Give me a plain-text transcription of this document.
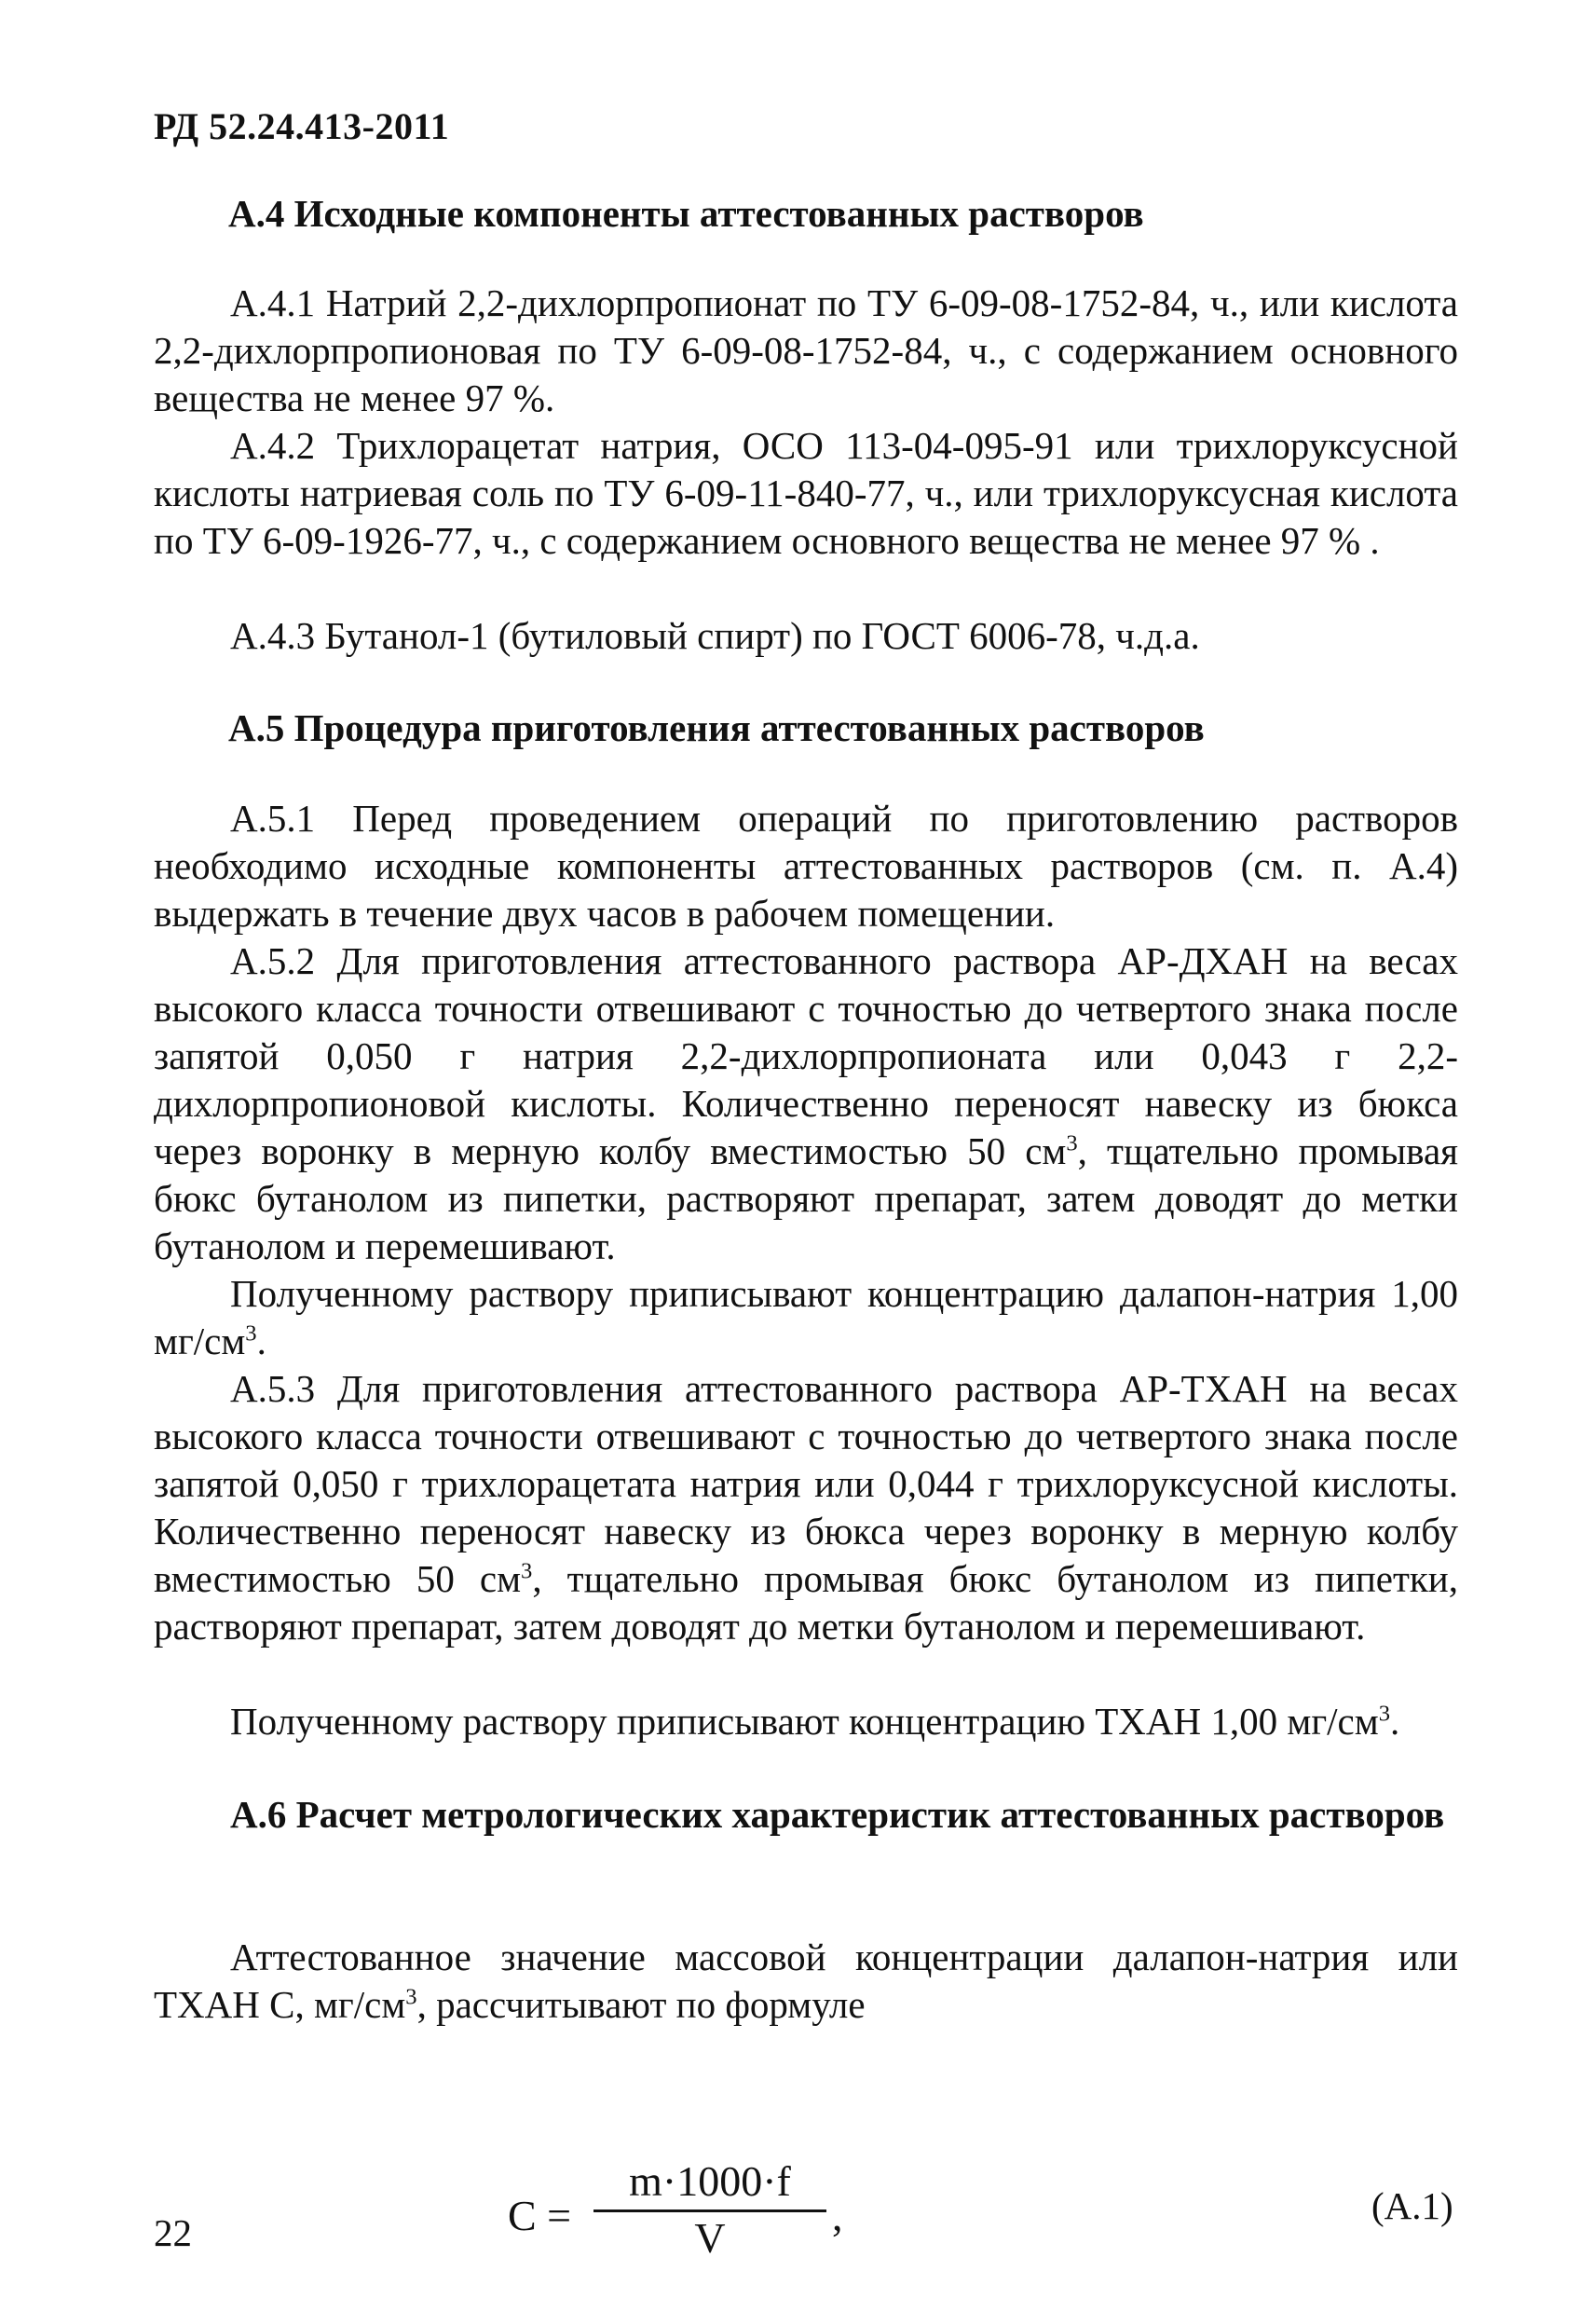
РД 52.24.413-2011
А.4 Исходные компоненты аттестованных растворов
А.4.1 Натрий 2,2-дихлорпропионат по ТУ 6-09-08-1752-84, ч., или кислота 2,2-дихлорпропионовая по ТУ 6-09-08-1752-84, ч., с содержанием основного вещества не менее 97 %.
А.4.2 Трихлорацетат натрия, ОСО 113-04-095-91 или трихлоруксусной кислоты натриевая соль по ТУ 6-09-11-840-77, ч., или трихлоруксусная кислота по ТУ 6-09-1926-77, ч., с содержанием основного вещества не менее 97 % .
А.4.3 Бутанол-1 (бутиловый спирт) по ГОСТ 6006-78, ч.д.а.
А.5 Процедура приготовления аттестованных растворов
А.5.1 Перед проведением операций по приготовлению растворов необходимо исходные компоненты аттестованных растворов (см. п. А.4) выдержать в течение двух часов в рабочем помещении.
А.5.2 Для приготовления аттестованного раствора АР-ДХАН на весах высокого класса точности отвешивают с точностью до четвертого знака после запятой 0,050 г натрия 2,2-дихлорпропионата или 0,043 г 2,2-дихлорпропионовой кислоты. Количественно переносят навеску из бюкса через воронку в мерную колбу вместимостью 50 $см^3$, тщательно промывая бюкс бутанолом из пипетки, растворяют препарат, затем доводят до метки бутанолом и перемешивают.
Полученному раствору приписывают концентрацию далапон-натрия 1,00 $мг/см^3$.
А.5.3 Для приготовления аттестованного раствора АР-ТХАН на весах высокого класса точности отвешивают с точностью до четвертого знака после запятой 0,050 г трихлорацетата натрия или 0,044 г трихлоруксусной кислоты. Количественно переносят навеску из бюкса через воронку в мерную колбу вместимостью 50 $см^3$, тщательно промывая бюкс бутанолом из пипетки, растворяют препарат, затем доводят до метки бутанолом и перемешивают.
Полученному раствору приписывают концентрацию ТХАН 1,00 $мг/см^3$.
А.6 Расчет метрологических характеристик аттестованных растворов
Аттестованное значение массовой концентрации далапон-натрия или ТХАН С, $мг/см^3$, рассчитывают по формуле
C =
m·1000·f
V	,	(А.1)
22
